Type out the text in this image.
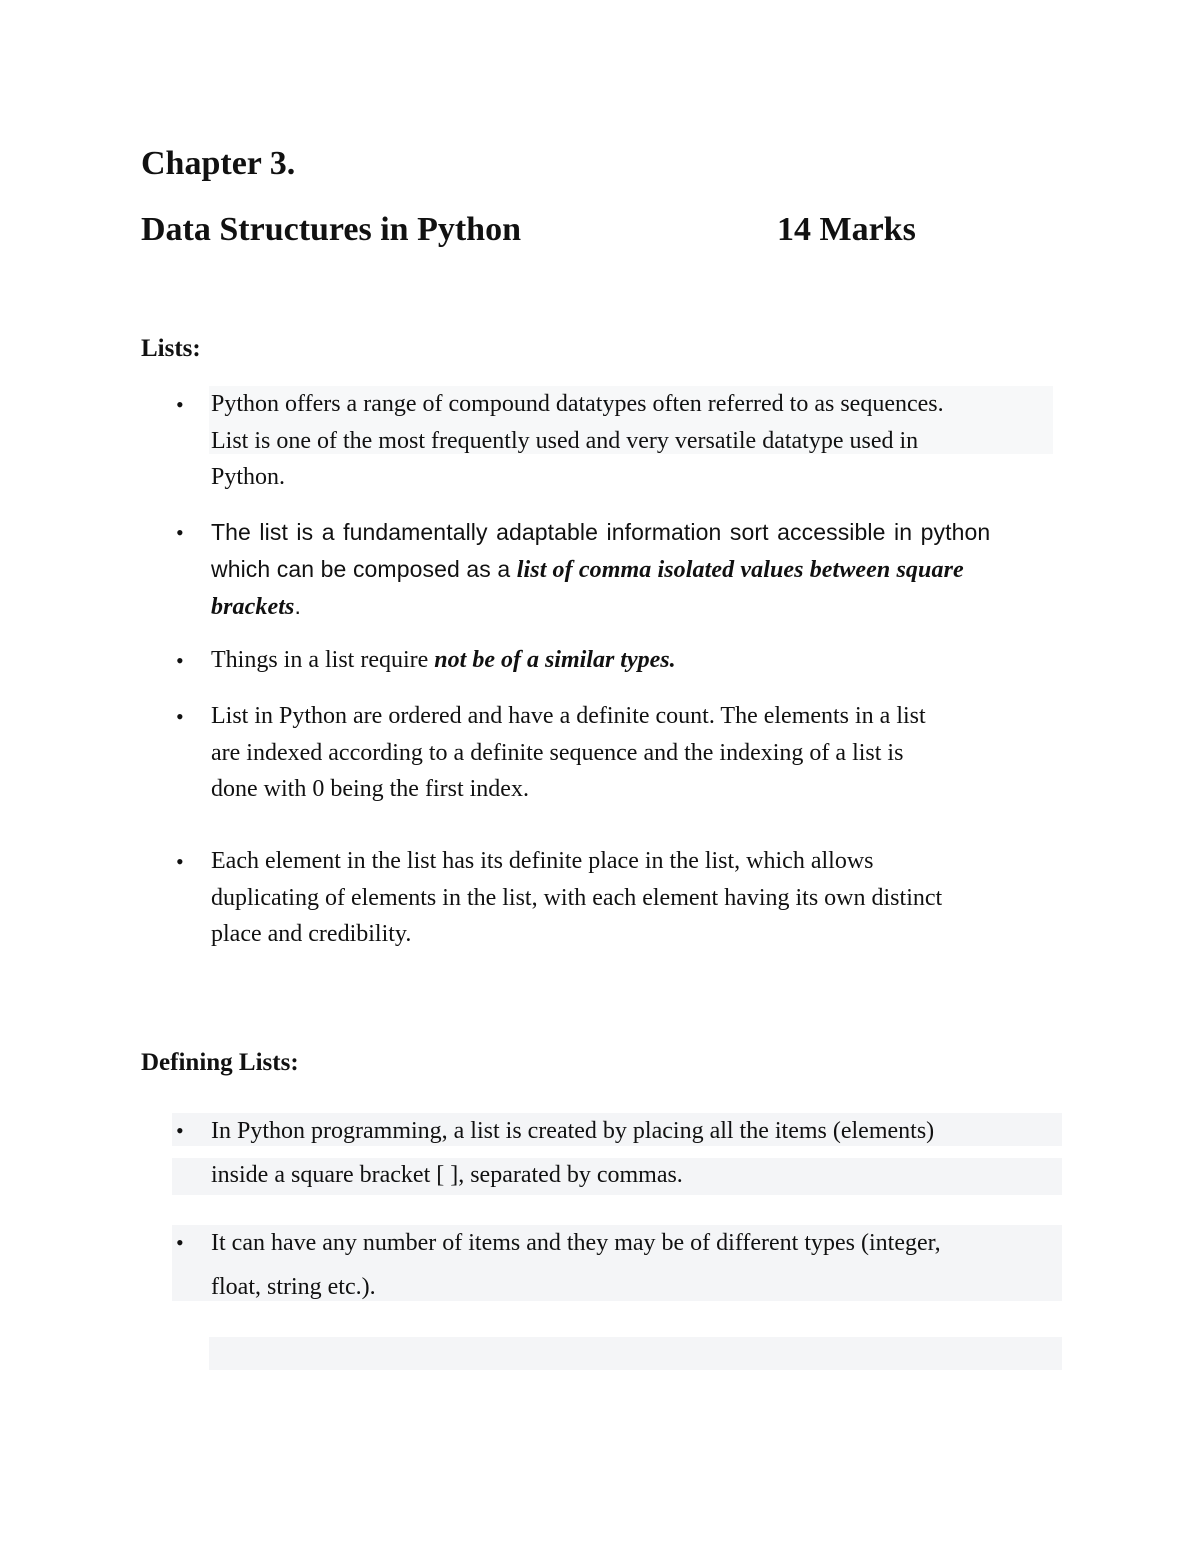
Chapter 3.
Data Structures in Python	14 Marks
Lists:
• Python offers a range of compound datatypes often referred to as sequences.
List is one of the most frequently used and very versatile datatype used in
Python.
• The list is a fundamentally adaptable information sort accessible in python
which can be composed as a list of comma isolated values between square
brackets.
• Things in a list require not be of a similar types.
• List in Python are ordered and have a definite count. The elements in a list
are indexed according to a definite sequence and the indexing of a list is
done with 0 being the first index.
• Each element in the list has its definite place in the list, which allows
duplicating of elements in the list, with each element having its own distinct
place and credibility.
Defining Lists:
• In Python programming, a list is created by placing all the items (elements)
inside a square bracket [ ], separated by commas.
• It can have any number of items and they may be of different types (integer,
float, string etc.).
